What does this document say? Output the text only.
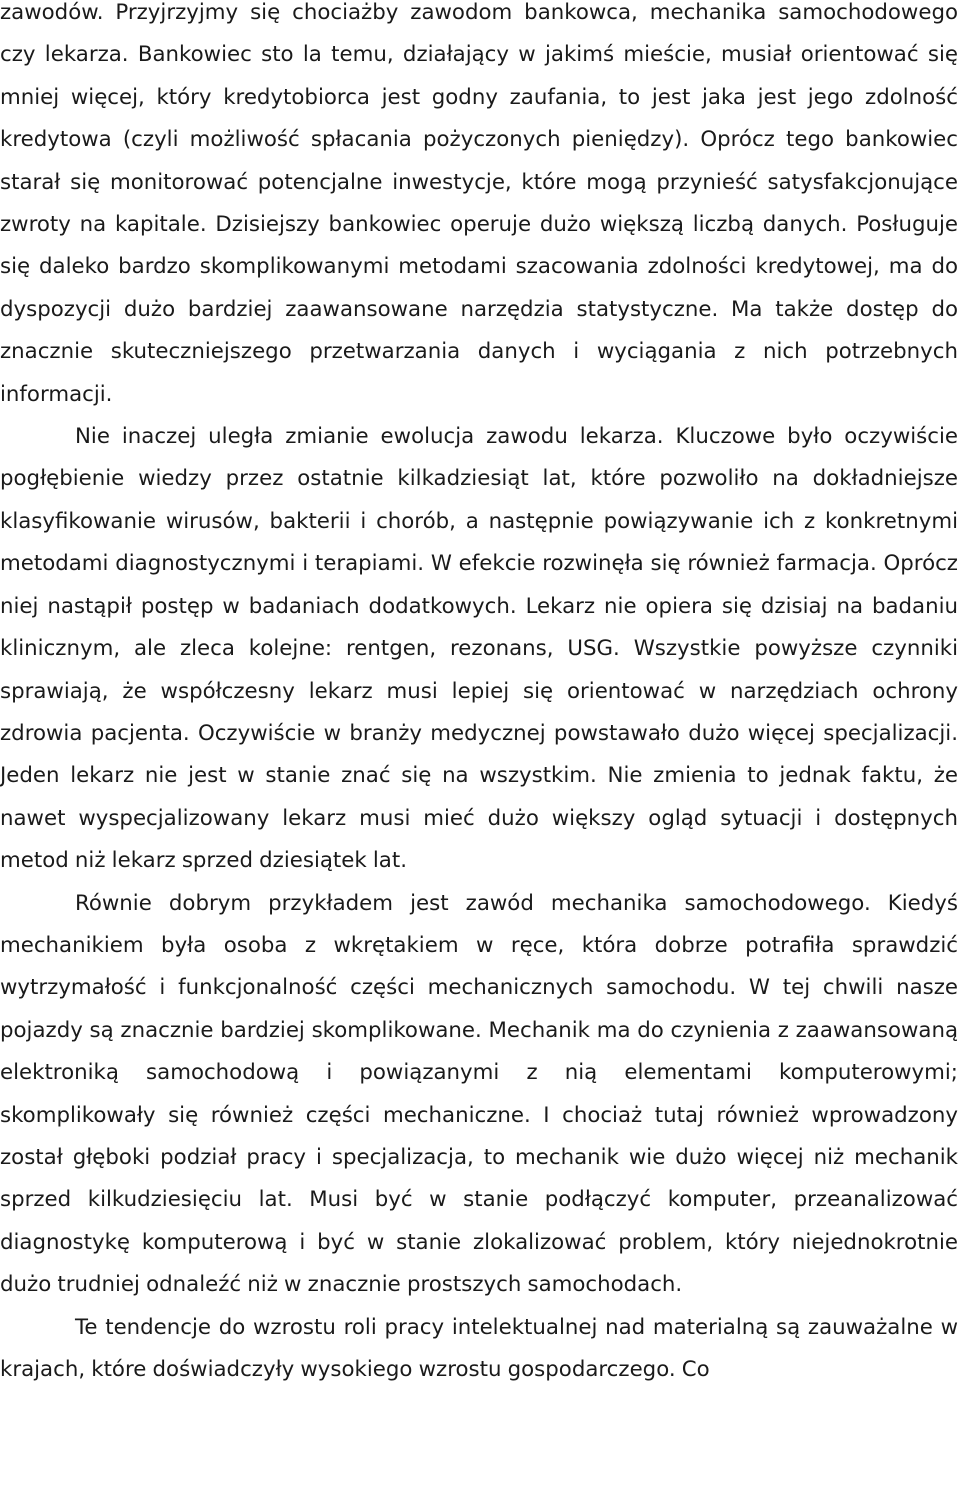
zawodów. Przyjrzyjmy się chociażby zawodom bankowca, mechanika samochodowego czy lekarza. Bankowiec sto la temu, działający w jakimś mieście, musiał orientować się mniej więcej, który kredytobiorca jest godny zaufania, to jest jaka jest jego zdolność kredytowa (czyli możliwość spłacania pożyczonych pieniędzy). Oprócz tego bankowiec starał się monitorować potencjalne inwestycje, które mogą przynieść satysfakcjonujące zwroty na kapitale. Dzisiejszy bankowiec operuje dużo większą liczbą danych. Posługuje się daleko bardzo skomplikowanymi metodami szacowania zdolności kredytowej, ma do dyspozycji dużo bardziej zaawansowane narzędzia statystyczne. Ma także dostęp do znacznie skuteczniejszego przetwarzania danych i wyciągania z nich potrzebnych informacji.

Nie inaczej uległa zmianie ewolucja zawodu lekarza. Kluczowe było oczywiście pogłębienie wiedzy przez ostatnie kilkadziesiąt lat, które pozwoliło na dokładniejsze klasyfikowanie wirusów, bakterii i chorób, a następnie powiązywanie ich z konkretnymi metodami diagnostycznymi i terapiami. W efekcie rozwinęła się również farmacja. Oprócz niej nastąpił postęp w badaniach dodatkowych. Lekarz nie opiera się dzisiaj na badaniu klinicznym, ale zleca kolejne: rentgen, rezonans, USG. Wszystkie powyższe czynniki sprawiają, że współczesny lekarz musi lepiej się orientować w narzędziach ochrony zdrowia pacjenta. Oczywiście w branży medycznej powstawało dużo więcej specjalizacji. Jeden lekarz nie jest w stanie znać się na wszystkim. Nie zmienia to jednak faktu, że nawet wyspecjalizowany lekarz musi mieć dużo większy ogląd sytuacji i dostępnych metod niż lekarz sprzed dziesiątek lat.

Równie dobrym przykładem jest zawód mechanika samochodowego. Kiedyś mechanikiem była osoba z wkrętakiem w ręce, która dobrze potrafiła sprawdzić wytrzymałość i funkcjonalność części mechanicznych samochodu. W tej chwili nasze pojazdy są znacznie bardziej skomplikowane. Mechanik ma do czynienia z zaawansowaną elektroniką samochodową i powiązanymi z nią elementami komputerowymi; skomplikowały się również części mechaniczne. I chociaż tutaj również wprowadzony został głęboki podział pracy i specjalizacja, to mechanik wie dużo więcej niż mechanik sprzed kilkudziesięciu lat. Musi być w stanie podłączyć komputer, przeanalizować diagnostykę komputerową i być w stanie zlokalizować problem, który niejednokrotnie dużo trudniej odnaleźć niż w znacznie prostszych samochodach.

Te tendencje do wzrostu roli pracy intelektualnej nad materialną są zauważalne w krajach, które doświadczyły wysokiego wzrostu gospodarczego. Co
